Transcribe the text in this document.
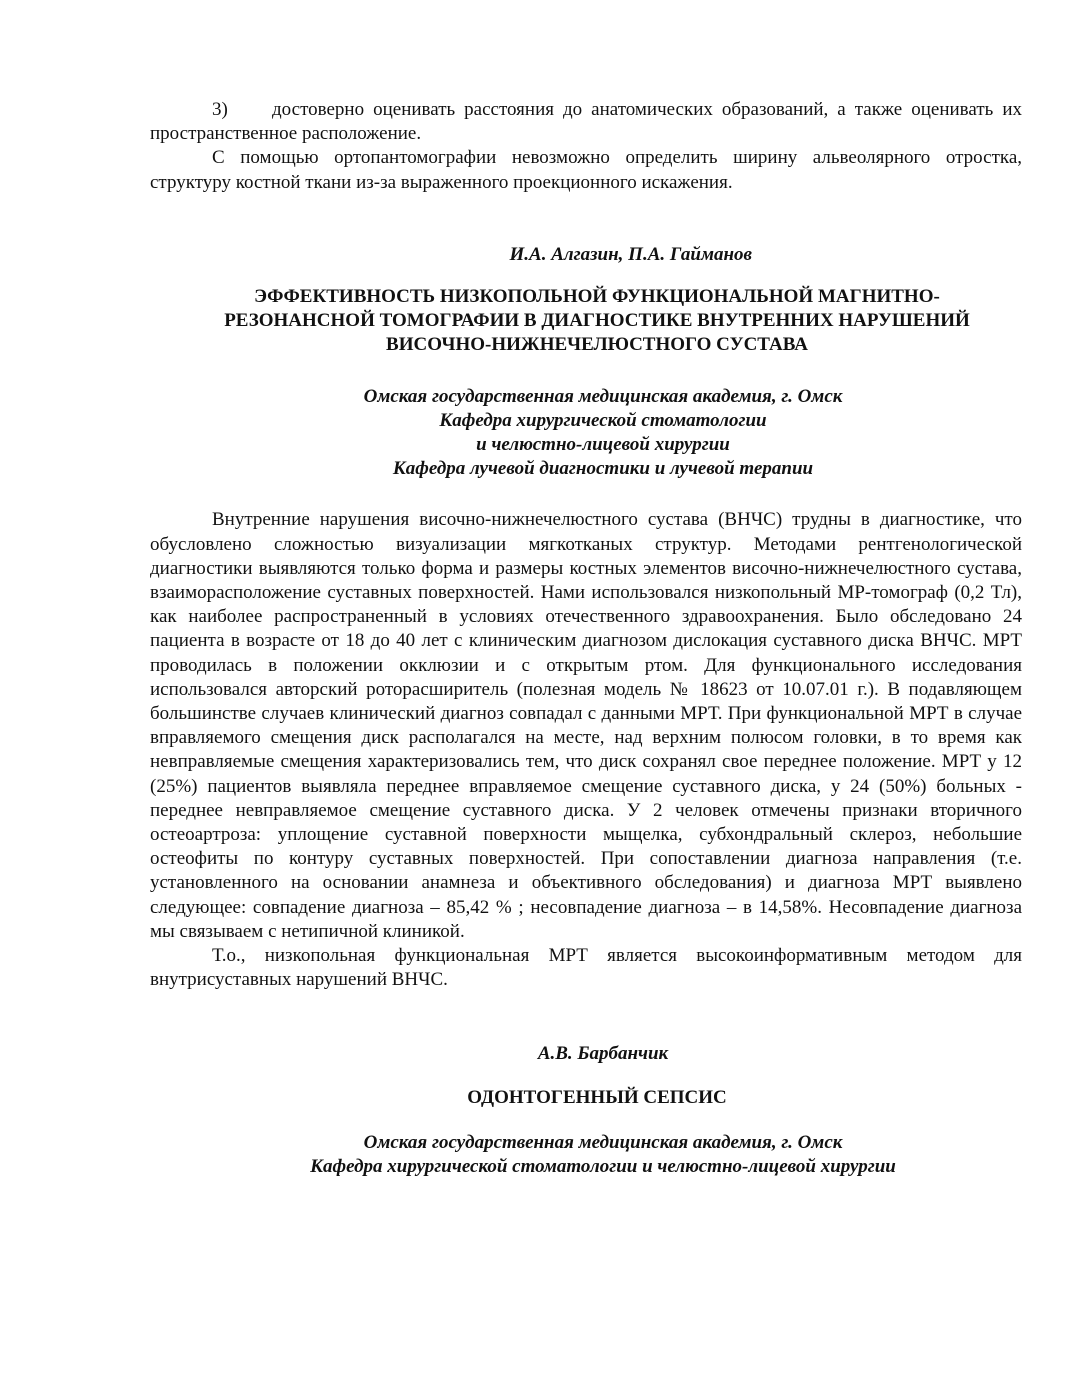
3) достоверно оценивать расстояния до анатомических образований, а также оценивать их пространственное расположение.

С помощью ортопантомографии невозможно определить ширину альвеолярного отростка, структуру костной ткани из-за выраженного проекционного искажения.

И.А. Алгазин, П.А. Гайманов

ЭФФЕКТИВНОСТЬ НИЗКОПОЛЬНОЙ ФУНКЦИОНАЛЬНОЙ МАГНИТНО-
РЕЗОНАНСНОЙ ТОМОГРАФИИ В ДИАГНОСТИКЕ ВНУТРЕННИХ НАРУШЕНИЙ
ВИСОЧНО-НИЖНЕЧЕЛЮСТНОГО СУСТАВА
Омская государственная медицинская академия, г. Омск
Кафедра хирургической стоматологии
и челюстно-лицевой хирургии
Кафедра лучевой диагностики и лучевой терапии

Внутренние нарушения височно-нижнечелюстного сустава (ВНЧС) трудны в диагностике, что обусловлено сложностью визуализации мягкотканых структур. Методами рентгенологической диагностики выявляются только форма и размеры костных элементов височно-нижнечелюстного сустава, взаиморасположение суставных поверхностей. Нами использовался низкопольный МР-томограф (0,2 Тл), как наиболее распространенный в условиях отечественного здравоохранения. Было обследовано 24 пациента в возрасте от 18 до 40 лет с клиническим диагнозом дислокация суставного диска ВНЧС. МРТ проводилась в положении окклюзии и с открытым ртом. Для функционального исследования использовался авторский роторасширитель (полезная модель № 18623 от 10.07.01 г.). В подавляющем большинстве случаев клинический диагноз совпадал с данными МРТ. При функциональной МРТ в случае вправляемого смещения диск располагался на месте, над верхним полюсом головки, в то время как невправляемые смещения характеризовались тем, что диск сохранял свое переднее положение. МРТ у 12 (25%) пациентов выявляла переднее вправляемое смещение суставного диска, у 24 (50%) больных - переднее невправляемое смещение суставного диска. У 2 человек отмечены признаки вторичного остеоартроза: уплощение суставной поверхности мыщелка, субхондральный склероз, небольшие остеофиты по контуру суставных поверхностей. При сопоставлении диагноза направления (т.е. установленного на основании анамнеза и объективного обследования) и диагноза МРТ выявлено следующее: совпадение диагноза – 85,42 % ; несовпадение диагноза – в 14,58%. Несовпадение диагноза мы связываем с нетипичной клиникой.

Т.о., низкопольная функциональная МРТ является высокоинформативным методом для внутрисуставных нарушений ВНЧС.

А.В. Барбанчик

ОДОНТОГЕННЫЙ СЕПСИС
Омская государственная медицинская академия, г. Омск
Кафедра хирургической стоматологии и челюстно-лицевой хирургии
